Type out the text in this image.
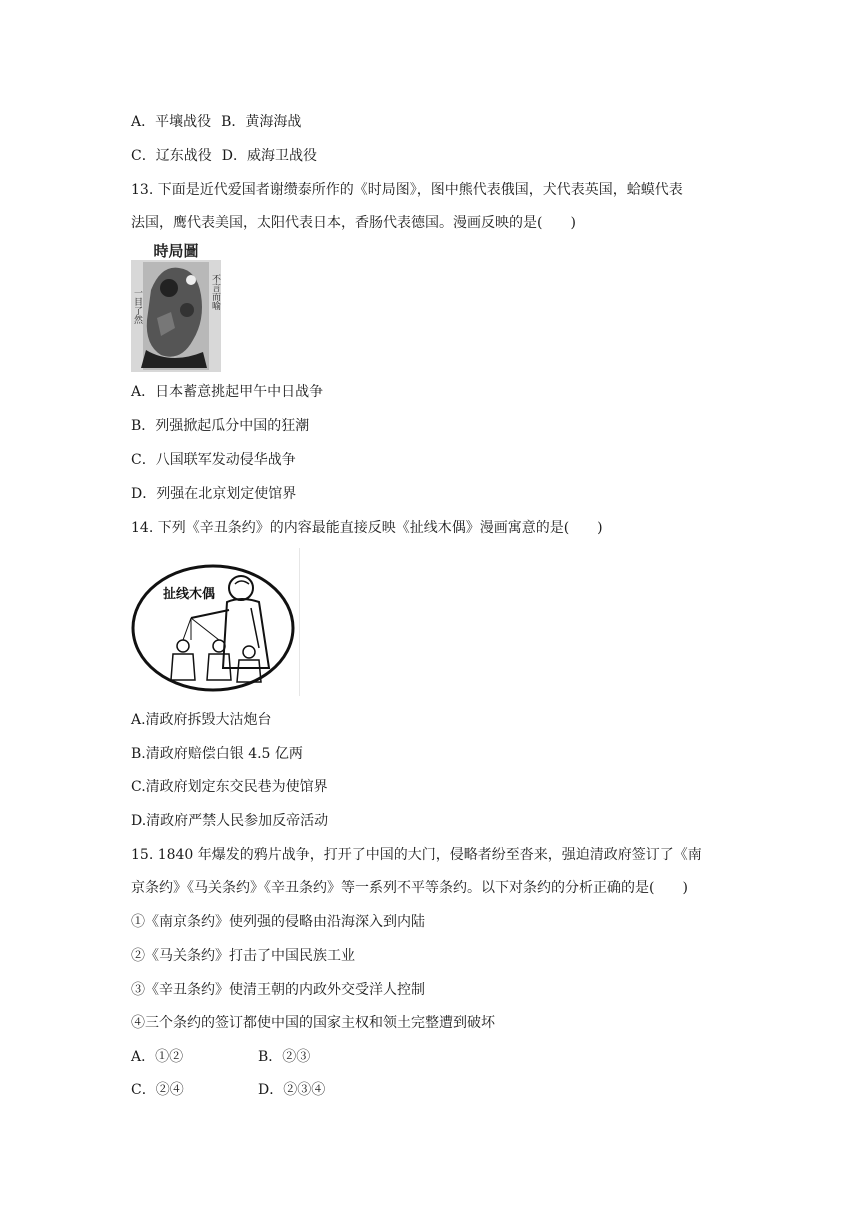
A．平壤战役 B．黄海海战
C．辽东战役 D．威海卫战役
13. 下面是近代爱国者谢缵泰所作的《时局图》，图中熊代表俄国，犬代表英国，蛤蟆代表
法国，鹰代表美国，太阳代表日本，香肠代表德国。漫画反映的是(　　)
時局圖
一目了然	不言而喻
A．日本蓄意挑起甲午中日战争
B．列强掀起瓜分中国的狂潮
C．八国联军发动侵华战争
D．列强在北京划定使馆界
14. 下列《辛丑条约》的内容最能直接反映《扯线木偶》漫画寓意的是(　　)
扯线木偶
A.清政府拆毁大沽炮台
B.清政府赔偿白银 4.5 亿两
C.清政府划定东交民巷为使馆界
D.清政府严禁人民参加反帝活动
15. 1840 年爆发的鸦片战争，打开了中国的大门，侵略者纷至沓来，强迫清政府签订了《南
京条约》《马关条约》《辛丑条约》等一系列不平等条约。以下对条约的分析正确的是(　　)
①《南京条约》使列强的侵略由沿海深入到内陆
②《马关条约》打击了中国民族工业
③《辛丑条约》使清王朝的内政外交受洋人控制
④三个条约的签订都使中国的国家主权和领土完整遭到破坏
A．①②	B．②③
C．②④	D．②③④
